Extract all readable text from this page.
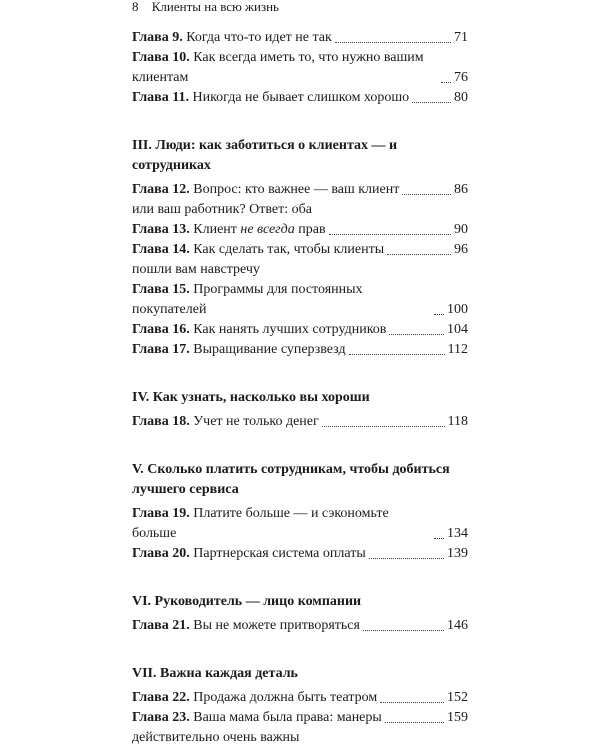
8 Клиенты на всю жизнь
Глава 9. Когда что-то идет не так	71
Глава 10. Как всегда иметь то, что нужно вашим клиентам	76
Глава 11. Никогда не бывает слишком хорошо	80
III. Люди: как заботиться о клиентах — и сотрудниках
Глава 12. Вопрос: кто важнее — ваш клиент	86
или ваш работник? Ответ: оба
Глава 13. Клиент не всегда прав	90
Глава 14. Как сделать так, чтобы клиенты	96
пошли вам навстречу
Глава 15. Программы для постоянных покупателей	100
Глава 16. Как нанять лучших сотрудников	104
Глава 17. Выращивание суперзвезд	112
IV. Как узнать, насколько вы хороши
Глава 18. Учет не только денег	118
V. Сколько платить сотрудникам, чтобы добиться
лучшего сервиса
Глава 19. Платите больше — и сэкономьте больше	134
Глава 20. Партнерская система оплаты	139
VI. Руководитель — лицо компании
Глава 21. Вы не можете притворяться	146
VII. Важна каждая деталь
Глава 22. Продажа должна быть театром	152
Глава 23. Ваша мама была права: манеры	159
действительно очень важны
